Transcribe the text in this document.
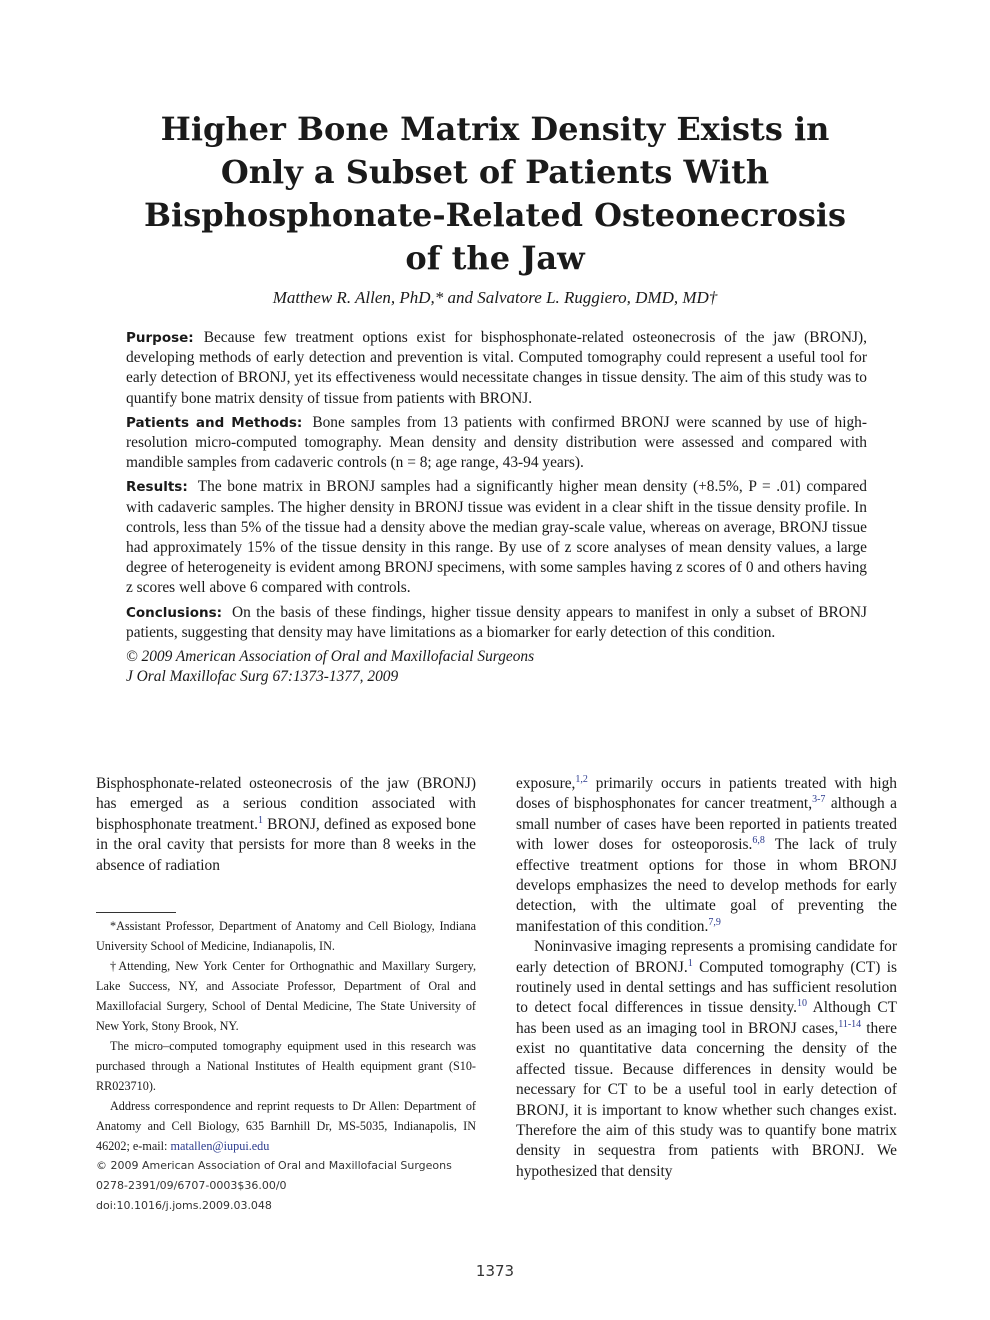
Higher Bone Matrix Density Exists in
Only a Subset of Patients With
Bisphosphonate-Related Osteonecrosis
of the Jaw
Matthew R. Allen, PhD,* and Salvatore L. Ruggiero, DMD, MD†

Purpose: Because few treatment options exist for bisphosphonate-related osteonecrosis of the jaw (BRONJ), developing methods of early detection and prevention is vital. Computed tomography could represent a useful tool for early detection of BRONJ, yet its effectiveness would necessitate changes in tissue density. The aim of this study was to quantify bone matrix density of tissue from patients with BRONJ.

Patients and Methods: Bone samples from 13 patients with confirmed BRONJ were scanned by use of high-resolution micro-computed tomography. Mean density and density distribution were assessed and compared with mandible samples from cadaveric controls (n = 8; age range, 43-94 years).

Results: The bone matrix in BRONJ samples had a significantly higher mean density (+8.5%, P = .01) compared with cadaveric samples. The higher density in BRONJ tissue was evident in a clear shift in the tissue density profile. In controls, less than 5% of the tissue had a density above the median gray-scale value, whereas on average, BRONJ tissue had approximately 15% of the tissue density in this range. By use of z score analyses of mean density values, a large degree of heterogeneity is evident among BRONJ specimens, with some samples having z scores of 0 and others having z scores well above 6 compared with controls.

Conclusions: On the basis of these findings, higher tissue density appears to manifest in only a subset of BRONJ patients, suggesting that density may have limitations as a biomarker for early detection of this condition.

© 2009 American Association of Oral and Maxillofacial Surgeons

J Oral Maxillofac Surg 67:1373-1377, 2009

Bisphosphonate-related osteonecrosis of the jaw (BRONJ) has emerged as a serious condition associated with bisphosphonate treatment.$^1$ BRONJ, defined as exposed bone in the oral cavity that persists for more than 8 weeks in the absence of radiation

*Assistant Professor, Department of Anatomy and Cell Biology, Indiana University School of Medicine, Indianapolis, IN.

†Attending, New York Center for Orthognathic and Maxillary Surgery, Lake Success, NY, and Associate Professor, Department of Oral and Maxillofacial Surgery, School of Dental Medicine, The State University of New York, Stony Brook, NY.

The micro–computed tomography equipment used in this research was purchased through a National Institutes of Health equipment grant (S10-RR023710).

Address correspondence and reprint requests to Dr Allen: Department of Anatomy and Cell Biology, 635 Barnhill Dr, MS-5035, Indianapolis, IN 46202; e-mail: matallen@iupui.edu

© 2009 American Association of Oral and Maxillofacial Surgeons

0278-2391/09/6707-0003$36.00/0

doi:10.1016/j.joms.2009.03.048

exposure,$^{1,2}$ primarily occurs in patients treated with high doses of bisphosphonates for cancer treatment,$^{3-7}$ although a small number of cases have been reported in patients treated with lower doses for osteoporosis.$^{6,8}$ The lack of truly effective treatment options for those in whom BRONJ develops emphasizes the need to develop methods for early detection, with the ultimate goal of preventing the manifestation of this condition.$^{7,9}$

Noninvasive imaging represents a promising candidate for early detection of BRONJ.$^1$ Computed tomography (CT) is routinely used in dental settings and has sufficient resolution to detect focal differences in tissue density.$^{10}$ Although CT has been used as an imaging tool in BRONJ cases,$^{11-14}$ there exist no quantitative data concerning the density of the affected tissue. Because differences in density would be necessary for CT to be a useful tool in early detection of BRONJ, it is important to know whether such changes exist. Therefore the aim of this study was to quantify bone matrix density in sequestra from patients with BRONJ. We hypothesized that density

1373
